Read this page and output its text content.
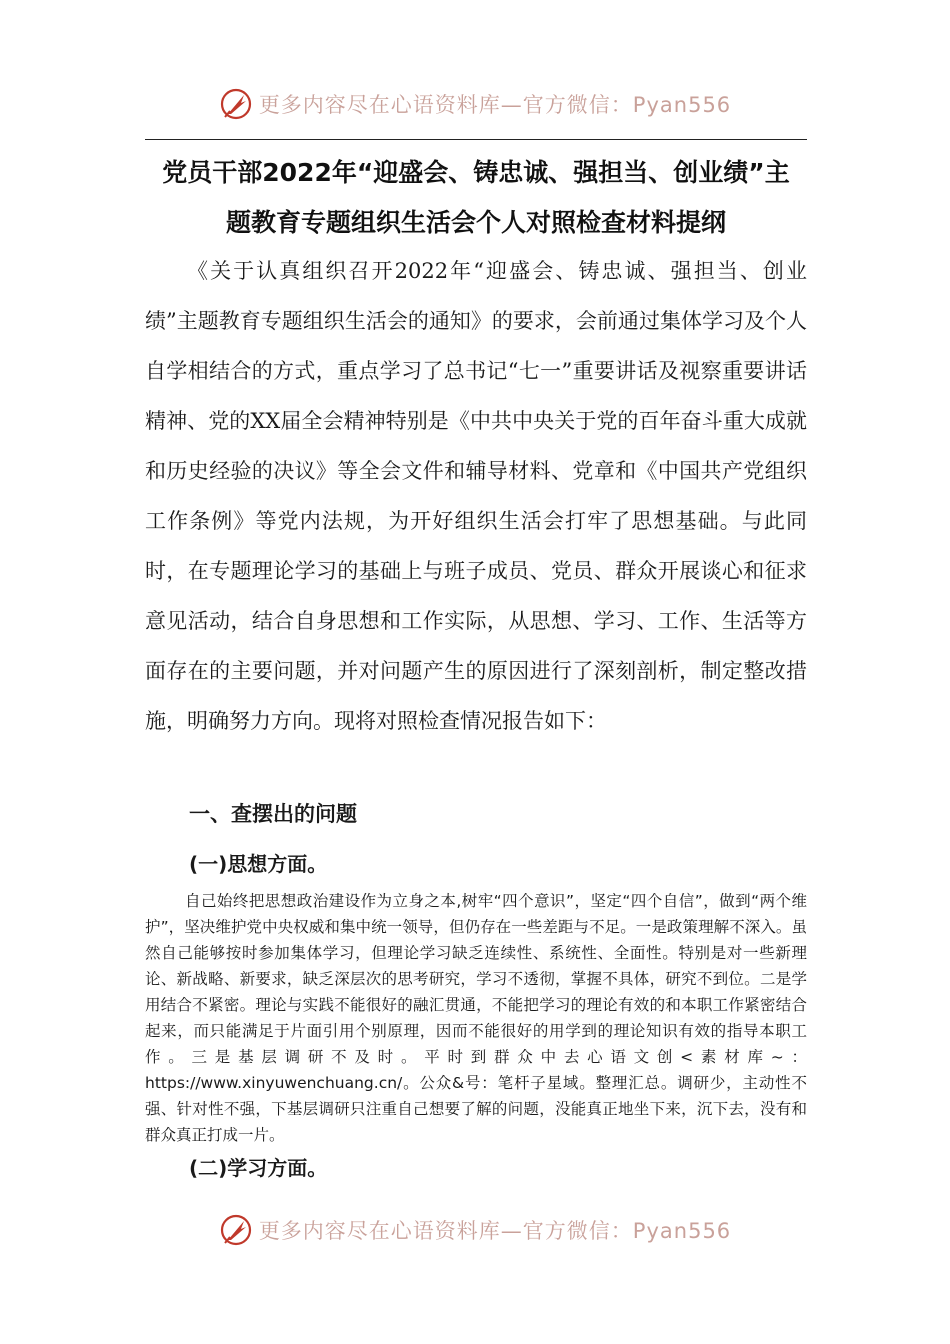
更多内容尽在心语资料库—官方微信：Pyan556
党员干部2022年“迎盛会、铸忠诚、强担当、创业绩”主
题教育专题组织生活会个人对照检查材料提纲

《关于认真组织召开2022年“迎盛会、铸忠诚、强担当、创业绩”主题教育专题组织生活会的通知》的要求，会前通过集体学习及个人自学相结合的方式，重点学习了总书记“七一”重要讲话及视察重要讲话精神、党的XX届全会精神特别是《中共中央关于党的百年奋斗重大成就和历史经验的决议》等全会文件和辅导材料、党章和《中国共产党组织工作条例》等党内法规，为开好组织生活会打牢了思想基础。与此同时，在专题理论学习的基础上与班子成员、党员、群众开展谈心和征求意见活动，结合自身思想和工作实际，从思想、学习、工作、生活等方面存在的主要问题，并对问题产生的原因进行了深刻剖析，制定整改措施，明确努力方向。现将对照检查情况报告如下：

一、查摆出的问题
(一)思想方面。

自己始终把思想政治建设作为立身之本,树牢“四个意识”，坚定“四个自信”，做到“两个维护”，坚决维护党中央权威和集中统一领导，但仍存在一些差距与不足。一是政策理解不深入。虽然自己能够按时参加集体学习，但理论学习缺乏连续性、系统性、全面性。特别是对一些新理论、新战略、新要求，缺乏深层次的思考研究，学习不透彻，掌握不具体，研究不到位。二是学用结合不紧密。理论与实践不能很好的融汇贯通，不能把学习的理论有效的和本职工作紧密结合起来，而只能满足于片面引用个别原理，因而不能很好的用学到的理论知识有效的指导本职工作。三是基层调研不及时。平时到群众中去心语文创<素材库~：https://www.xinyuwenchuang.cn/。公众&号：笔杆子星域。整理汇总。调研少，主动性不强、针对性不强，下基层调研只注重自己想要了解的问题，没能真正地坐下来，沉下去，没有和群众真正打成一片。

(二)学习方面。
更多内容尽在心语资料库—官方微信：Pyan556
